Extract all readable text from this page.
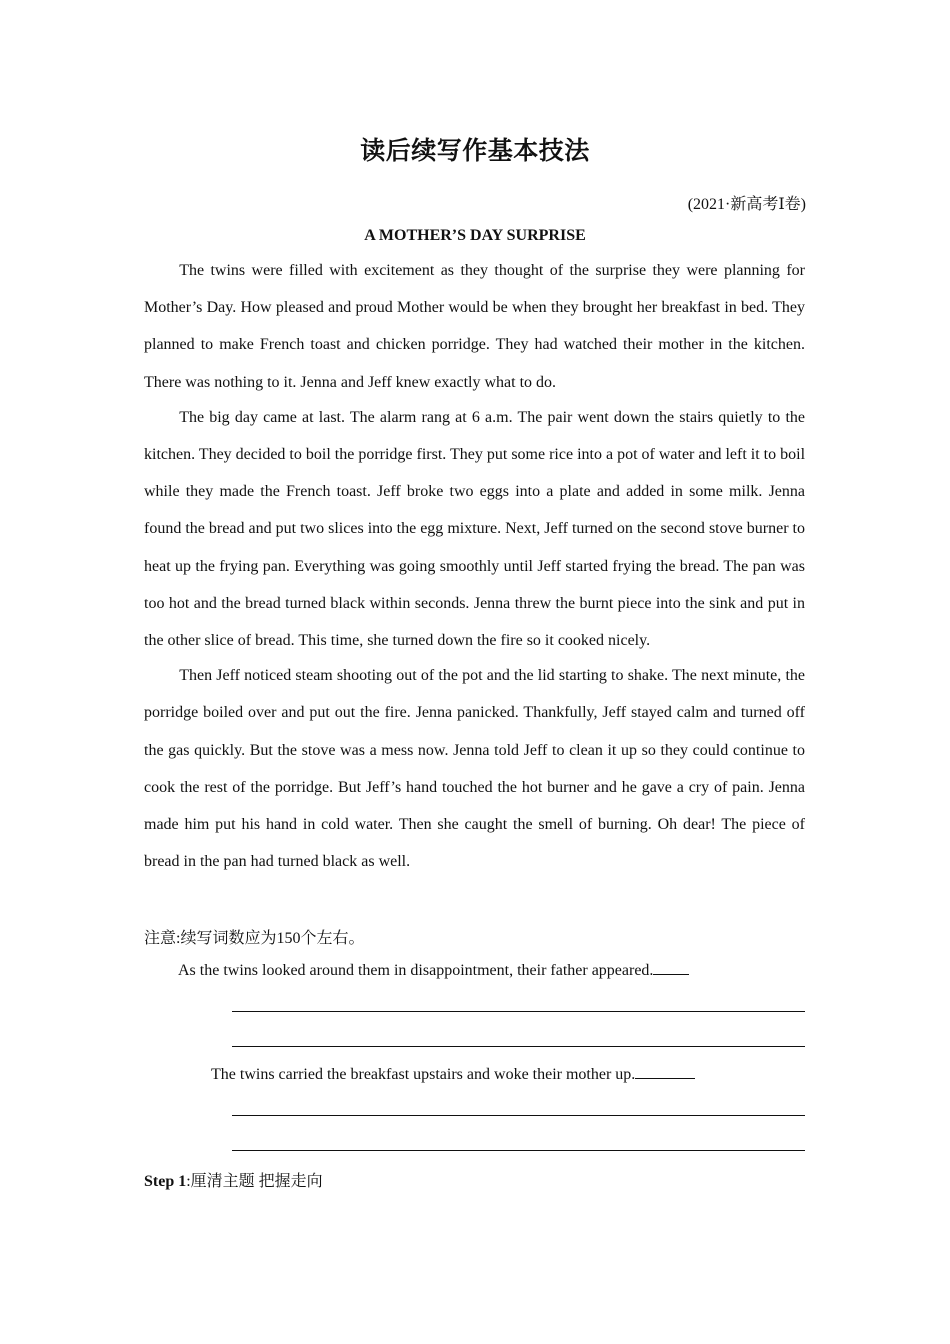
读后续写作基本技法
(2021·新高考Ⅰ卷)
A MOTHER’S DAY SURPRISE

The twins were filled with excitement as they thought of the surprise they were planning for Mother’s Day. How pleased and proud Mother would be when they brought her breakfast in bed. They planned to make French toast and chicken porridge. They had watched their mother in the kitchen. There was nothing to it. Jenna and Jeff knew exactly what to do.

The big day came at last. The alarm rang at 6 a.m. The pair went down the stairs quietly to the kitchen. They decided to boil the porridge first. They put some rice into a pot of water and left it to boil while they made the French toast. Jeff broke two eggs into a plate and added in some milk. Jenna found the bread and put two slices into the egg mixture. Next, Jeff turned on the second stove burner to heat up the frying pan. Everything was going smoothly until Jeff started frying the bread. The pan was too hot and the bread turned black within seconds. Jenna threw the burnt piece into the sink and put in the other slice of bread. This time, she turned down the fire so it cooked nicely.

Then Jeff noticed steam shooting out of the pot and the lid starting to shake. The next minute, the porridge boiled over and put out the fire. Jenna panicked. Thankfully, Jeff stayed calm and turned off the gas quickly. But the stove was a mess now. Jenna told Jeff to clean it up so they could continue to cook the rest of the porridge. But Jeff’s hand touched the hot burner and he gave a cry of pain. Jenna made him put his hand in cold water. Then she caught the smell of burning. Oh dear! The piece of bread in the pan had turned black as well.

注意:续写词数应为150个左右。
As the twins looked around them in disappointment, their father appeared.
The twins carried the breakfast upstairs and woke their mother up.
Step 1:厘清主题 把握走向
